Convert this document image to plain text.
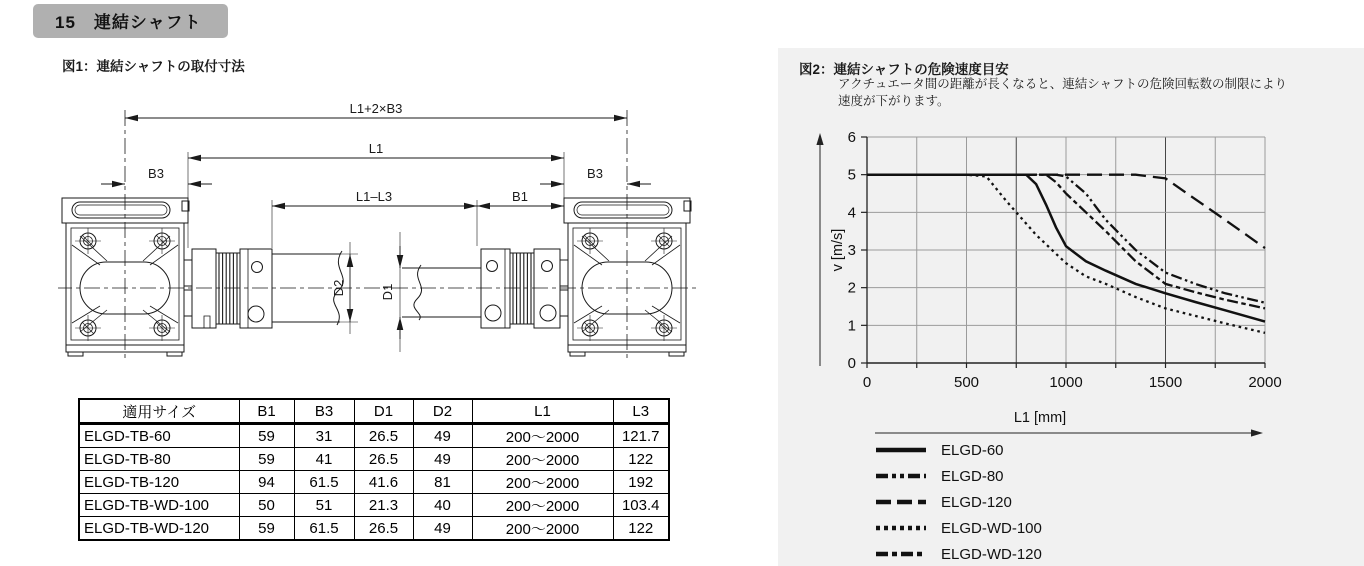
15　連結シャフト
図1：連結シャフトの取付寸法
L1+2×B3
L1
B3	B3
L1–L3	B1
D2	D1
適用サイズ	B1	B3	D1	D2	L1	L3
ELGD-TB-60	59	31	26.5	49	200～2000	121.7
ELGD-TB-80	59	41	26.5	49	200～2000	122
ELGD-TB-120	94	61.5	41.6	81	200～2000	192
ELGD-TB-WD-100	50	51	21.3	40	200～2000	103.4
ELGD-TB-WD-120	59	61.5	26.5	49	200～2000	122
図2：連結シャフトの危険速度目安
アクチュエータ間の距離が長くなると、連結シャフトの危険回転数の制限により
速度が下がります。
0
1
2
3
4
5
6
0	500	1000	1500	2000
v [m/s]
L1 [mm]
ELGD-60
ELGD-80
ELGD-120
ELGD-WD-100
ELGD-WD-120
